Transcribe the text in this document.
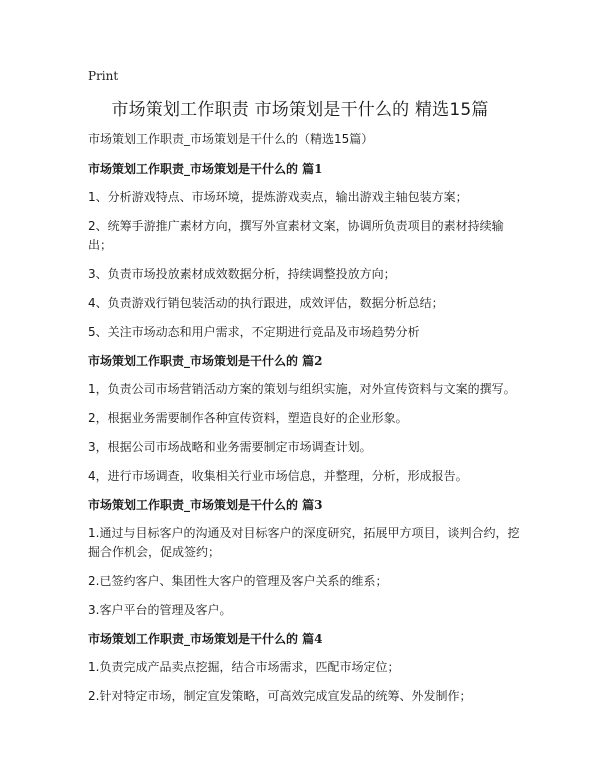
Print
市场策划工作职责 市场策划是干什么的 精选15篇

市场策划工作职责_市场策划是干什么的（精选15篇）

市场策划工作职责_市场策划是干什么的 篇1

1、分析游戏特点、市场环境，提炼游戏卖点，输出游戏主轴包装方案；

2、统筹手游推广素材方向，撰写外宣素材文案，协调所负责项目的素材持续输出；

3、负责市场投放素材成效数据分析，持续调整投放方向；

4、负责游戏行销包装活动的执行跟进，成效评估，数据分析总结；

5、关注市场动态和用户需求，不定期进行竞品及市场趋势分析

市场策划工作职责_市场策划是干什么的 篇2

1，负责公司市场营销活动方案的策划与组织实施，对外宣传资料与文案的撰写。

2，根据业务需要制作各种宣传资料，塑造良好的企业形象。

3，根据公司市场战略和业务需要制定市场调查计划。

4，进行市场调查，收集相关行业市场信息，并整理，分析，形成报告。

市场策划工作职责_市场策划是干什么的 篇3

1.通过与目标客户的沟通及对目标客户的深度研究，拓展甲方项目，谈判合约，挖掘合作机会，促成签约；

2.已签约客户、集团性大客户的管理及客户关系的维系；

3.客户平台的管理及客户。

市场策划工作职责_市场策划是干什么的 篇4

1.负责完成产品卖点挖掘，结合市场需求，匹配市场定位；

2.针对特定市场，制定宣发策略，可高效完成宣发品的统筹、外发制作；
